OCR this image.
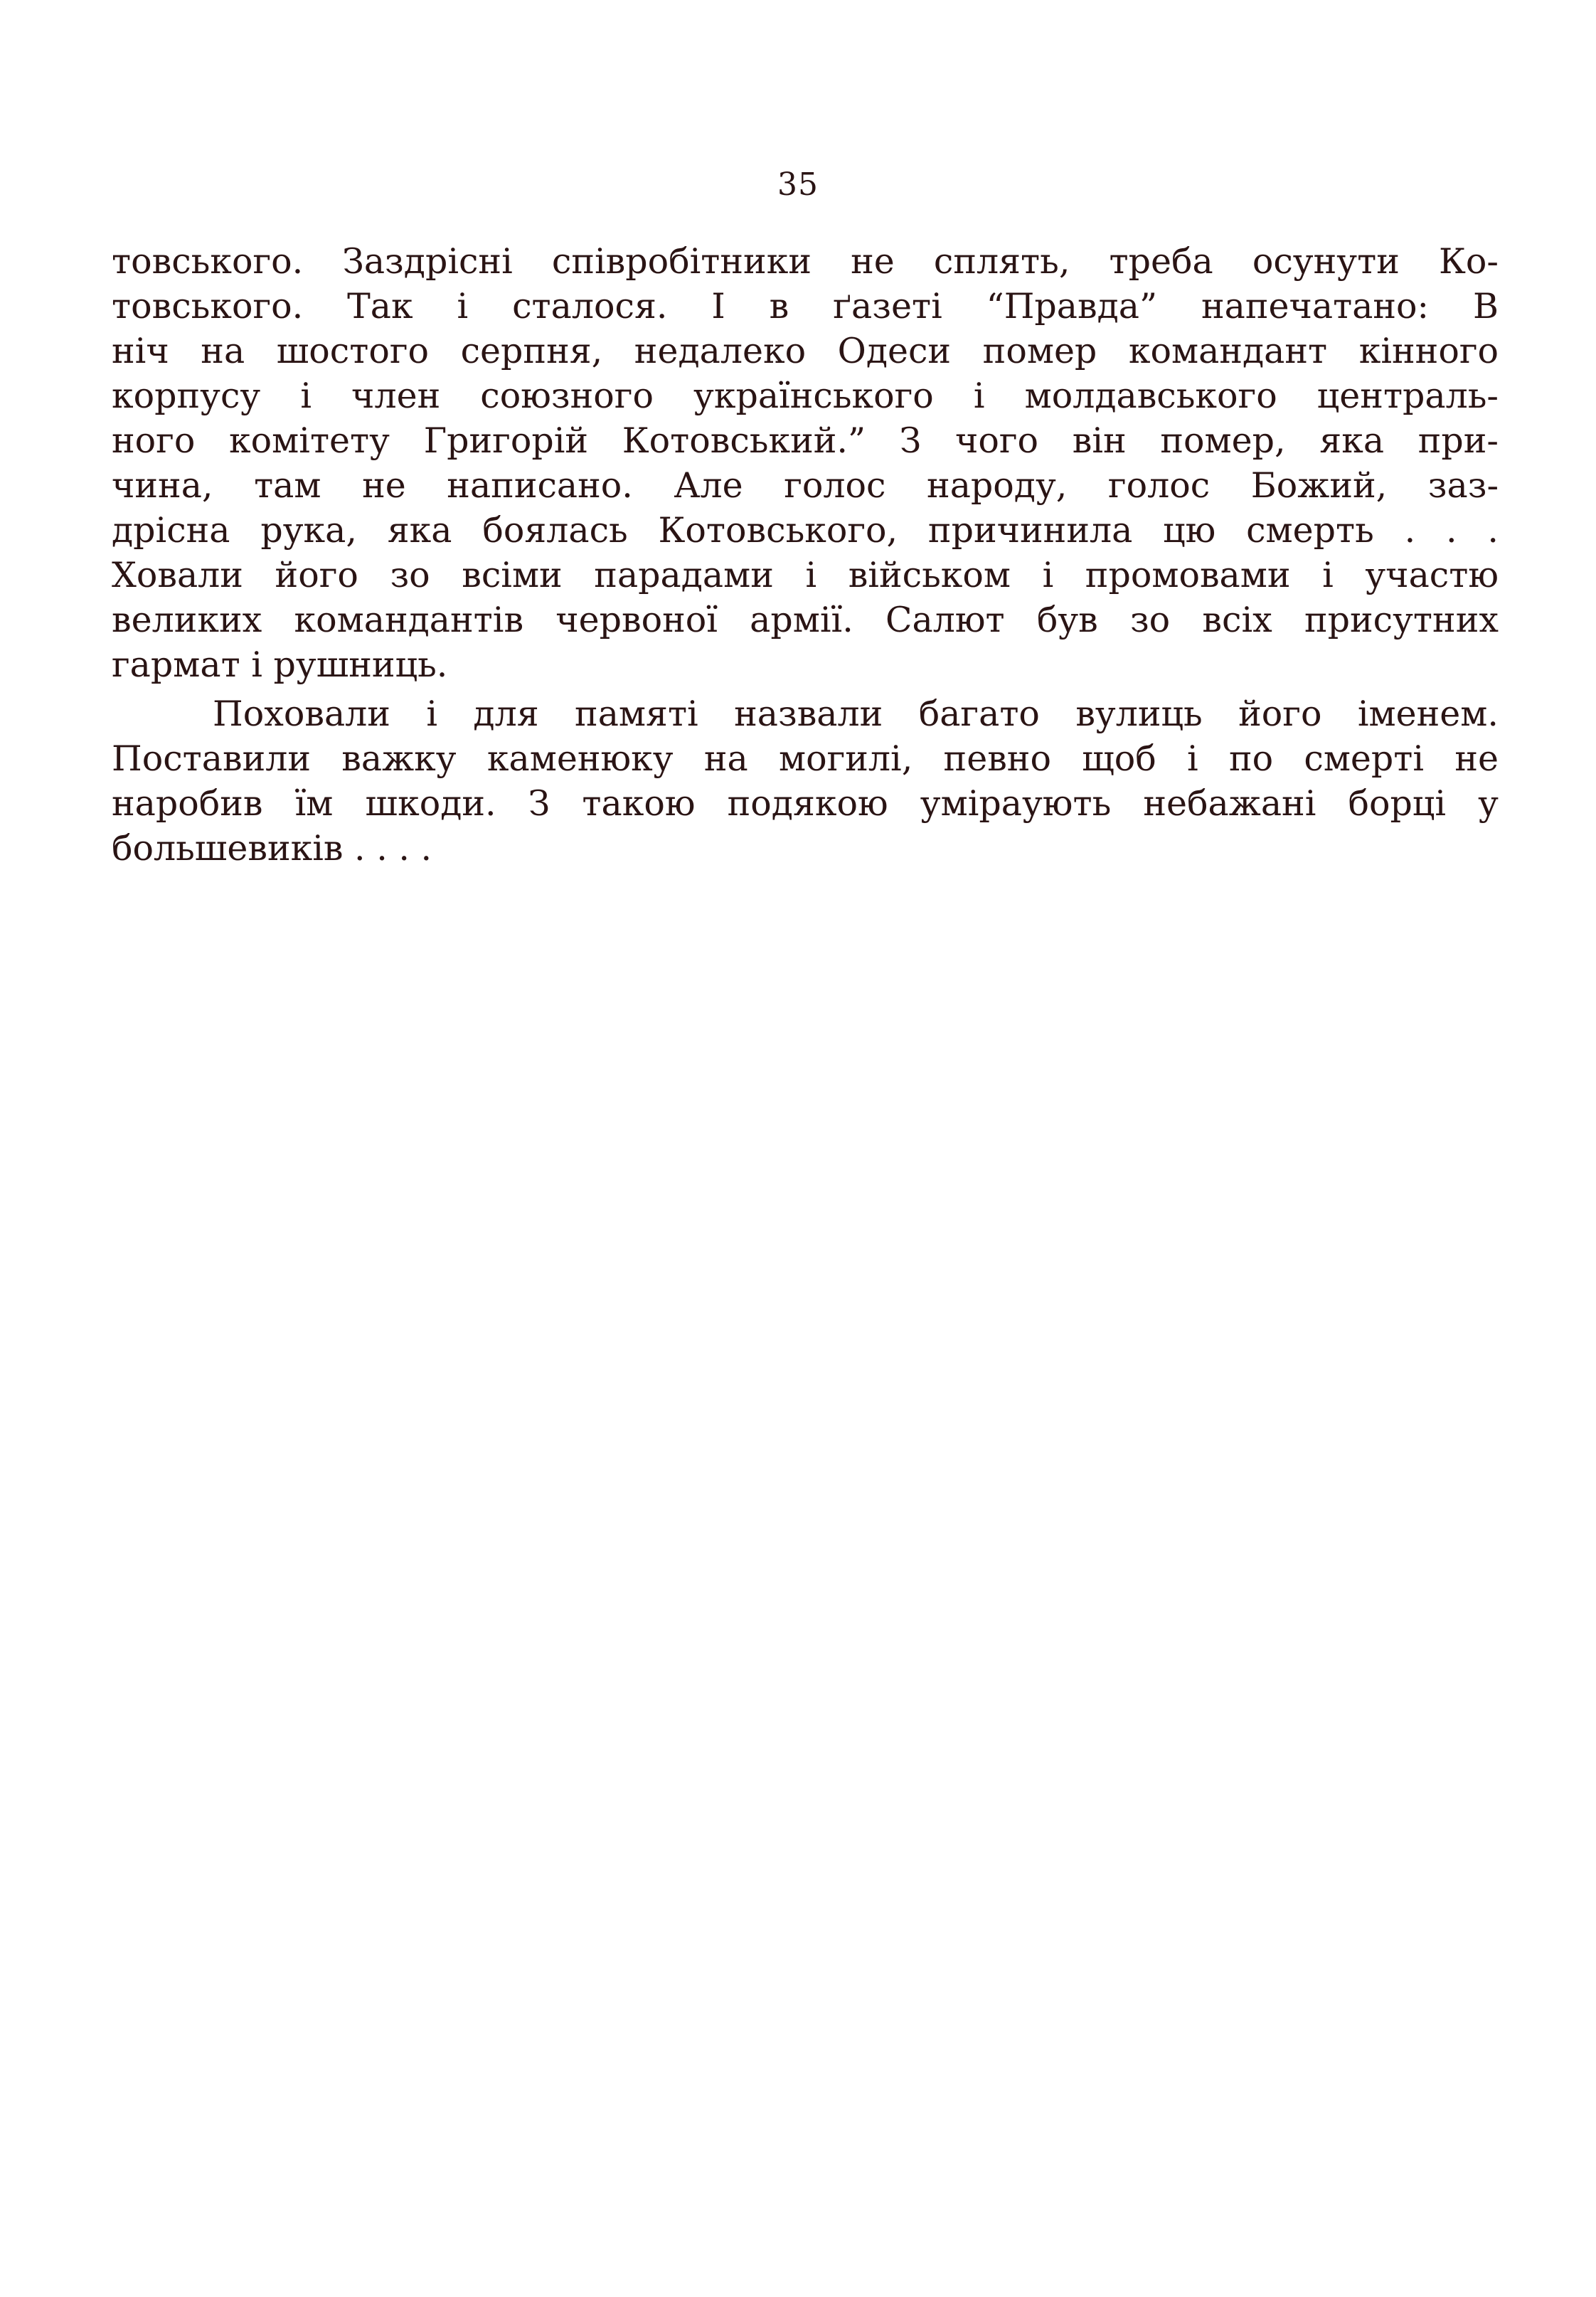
35
товського. Заздрісні співробітники не сплять, треба осунути Ко-
товського. Так і сталося. І в ґазеті “Правда” напечатано: В
ніч на шостого серпня, недалеко Одеси помер командант кінного
корпусу і член союзного українського і молдавського централь-
ного комітету Григорій Котовський.” З чого він помер, яка при-
чина, там не написано. Але голос народу, голос Божий, заз-
дрісна рука, яка боялась Котовського, причинила цю смерть . . .
Ховали його зо всіми парадами і військом і промовами і участю
великих командантів червоної армії. Салют був зо всіх присутних
гармат і рушниць.
Поховали і для пaмяті назвали багато вулиць його іменем.
Поставили важку каменюку на могилі, певно щоб і по смерті не
наробив їм шкоди. З такою подякою уміраують небажані борці у
большевиків . . . .
